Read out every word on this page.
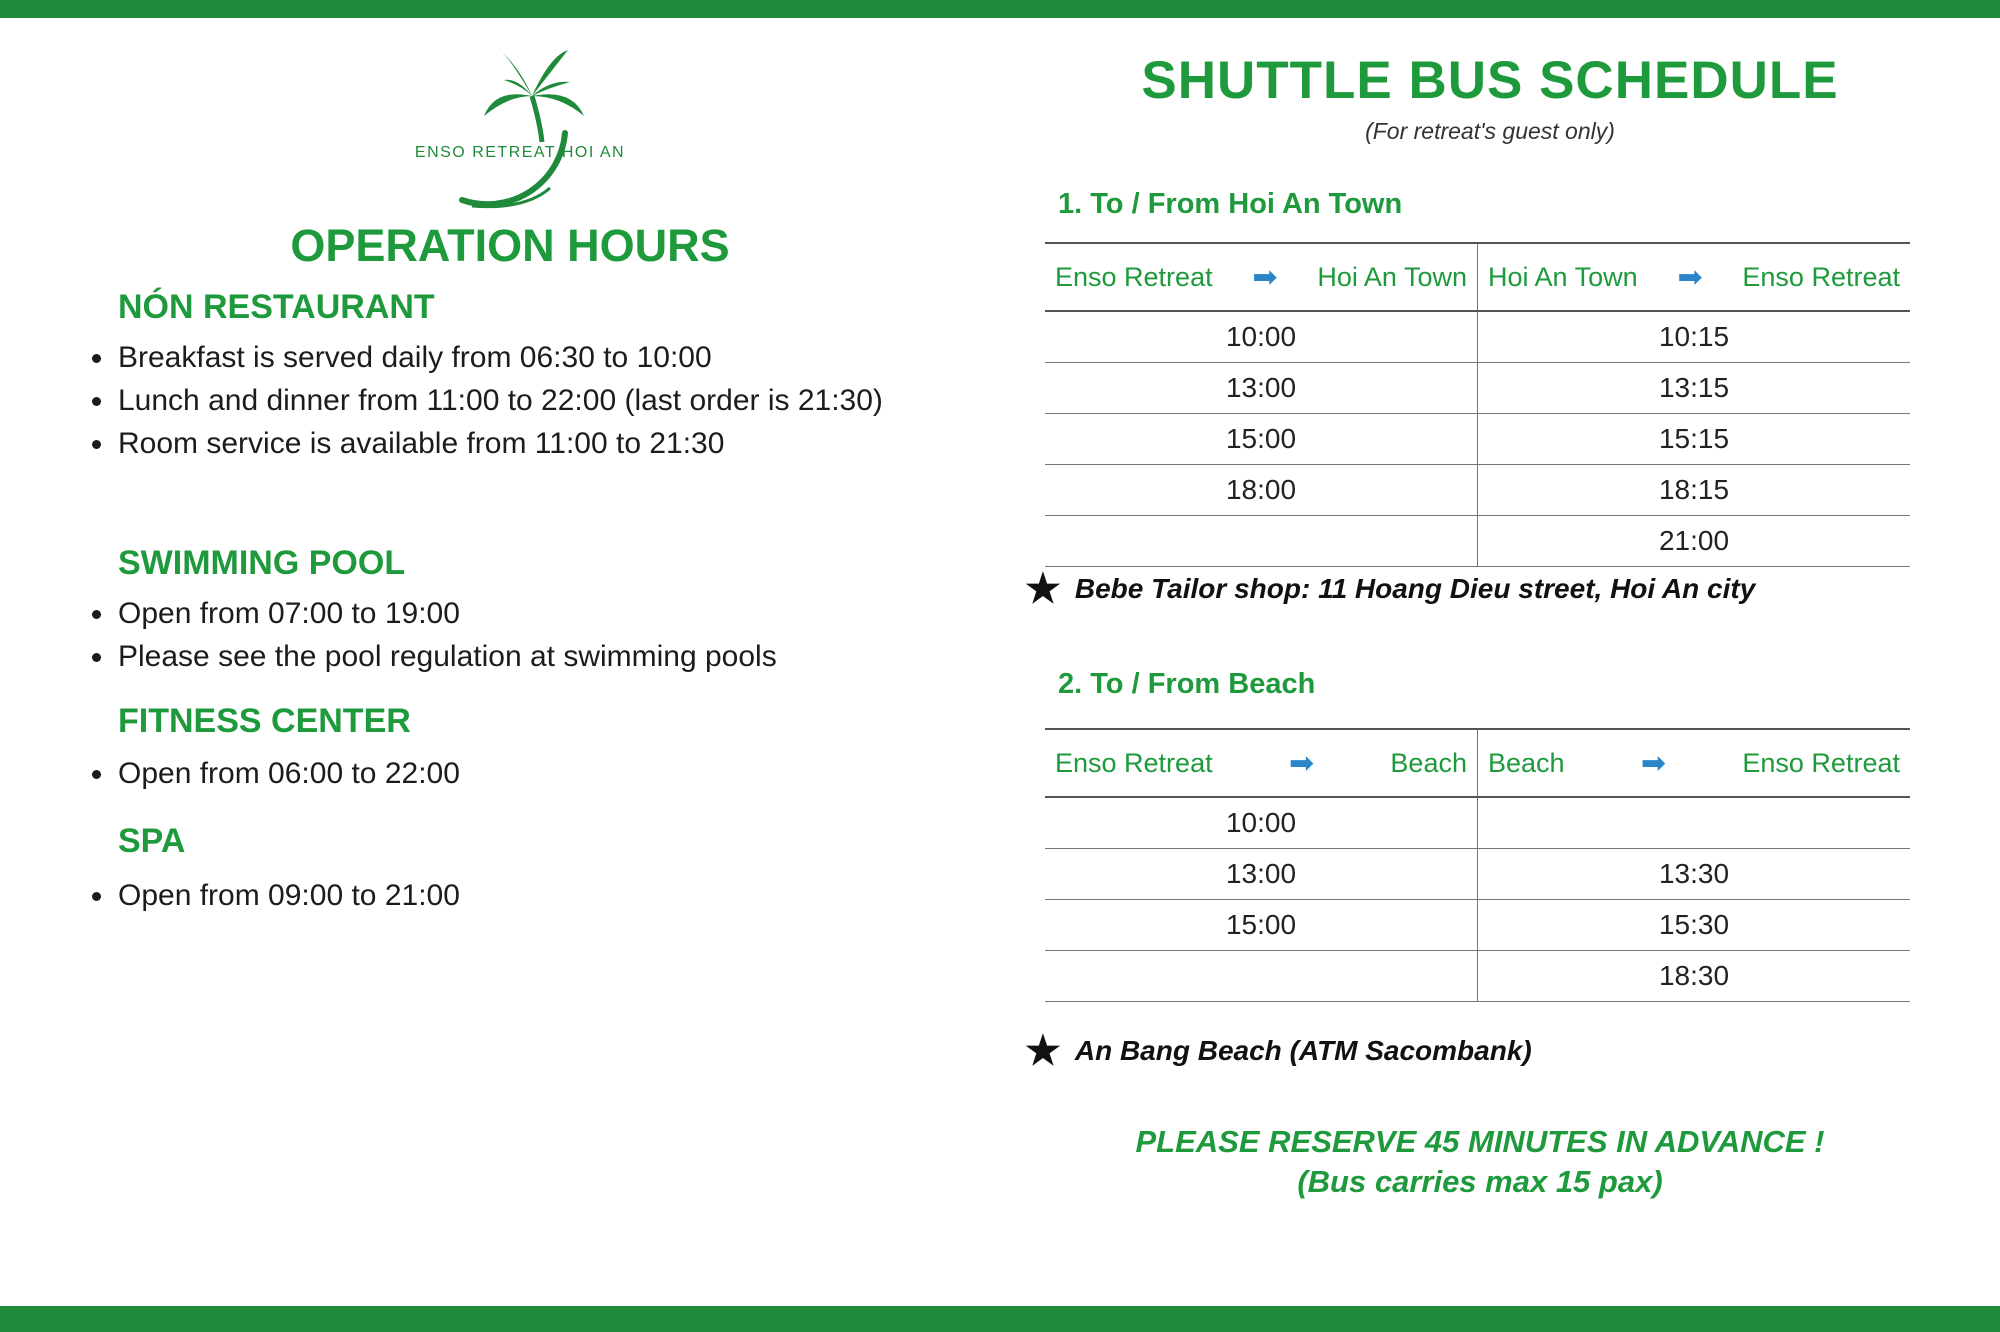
ENSO RETREAT HOI AN
OPERATION HOURS
NÓN RESTAURANT
Breakfast is served daily from 06:30 to 10:00
Lunch and dinner from 11:00 to 22:00 (last order is 21:30)
Room service is available from 11:00 to 21:30
SWIMMING POOL
Open from 07:00 to 19:00
Please see the pool regulation at swimming pools
FITNESS CENTER
Open from 06:00 to 22:00
SPA
Open from 09:00 to 21:00
SHUTTLE BUS SCHEDULE
(For retreat's guest only)
1. To / From Hoi An Town
Enso Retreat ➡ Hoi An Town	Hoi An Town ➡ Enso Retreat

10:00	10:15
13:00	13:15
15:00	15:15
18:00	18:15
	21:00
★ Bebe Tailor shop: 11 Hoang Dieu street, Hoi An city
2. To / From Beach
Enso Retreat ➡ Beach	Beach ➡ Enso Retreat

10:00	
13:00	13:30
15:00	15:30
	18:30
★ An Bang Beach (ATM Sacombank)
PLEASE RESERVE 45 MINUTES IN ADVANCE !
(Bus carries max 15 pax)
